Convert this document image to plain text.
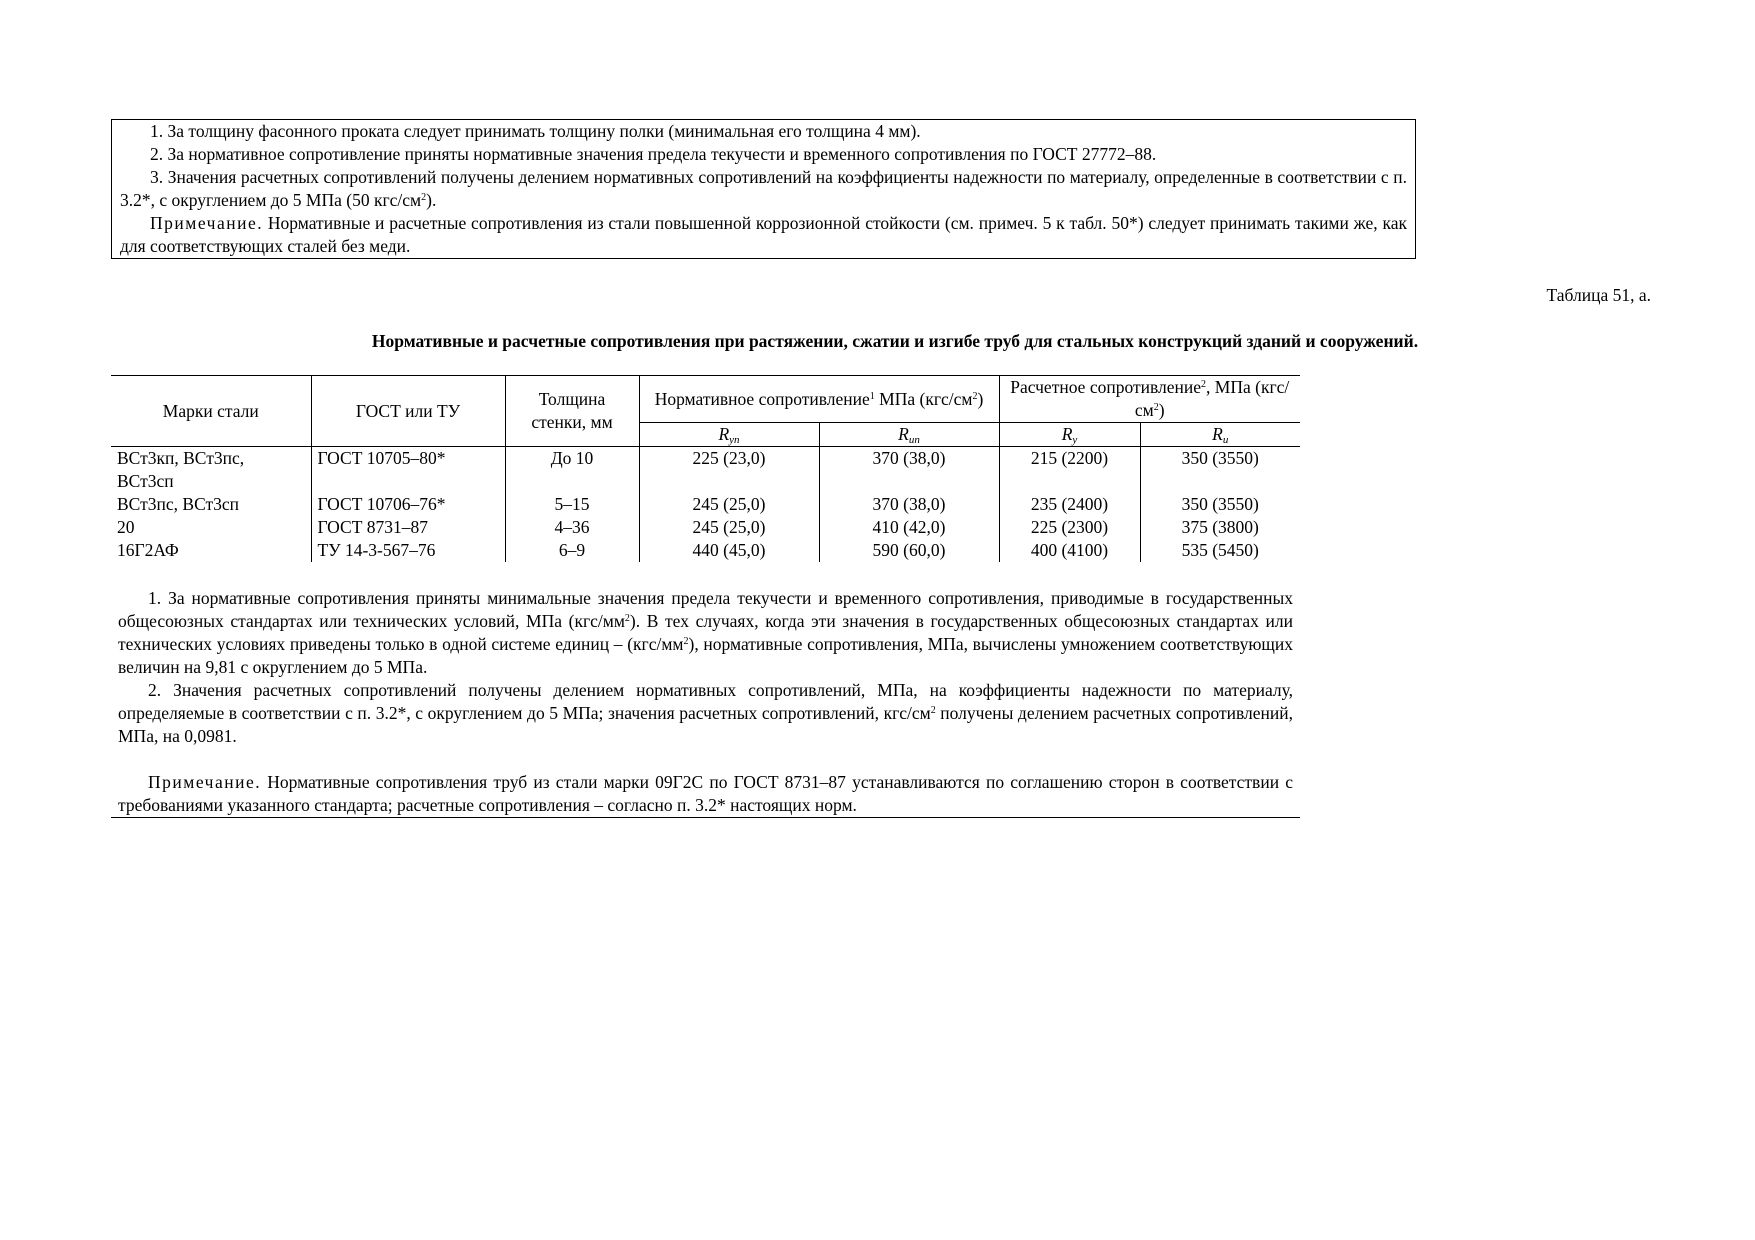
1. За толщину фасонного проката следует принимать толщину полки (минимальная его толщина 4 мм).

2. За нормативное сопротивление приняты нормативные значения предела текучести и временного сопротивления по ГОСТ 27772–88.

3. Значения расчетных сопротивлений получены делением нормативных сопротивлений на коэффициенты надежности по материалу, определенные в соответствии с п. 3.2*, с округлением до 5 МПа (50 кгс/$см^2$).

Примечание. Нормативные и расчетные сопротивления из стали повышенной коррозионной стойкости (см. примеч. 5 к табл. 50*) следует принимать такими же, как для соответствующих сталей без меди.

Таблица 51, а.
Нормативные и расчетные сопротивления при растяжении, сжатии и изгибе труб для стальных конструкций зданий и сооружений.
Марки стали	ГОСТ или ТУ	Толщина стенки, мм	Нормативное сопротивление$^1$ МПа $(кгс/см^2)$		Расчетное сопротивление$^2$, МПа $(кгс/см^2)$	
			$R_{yn}$	$R_{un}$	$R_y$	$R_u$
ВСт3кп, ВСт3пс, ВСт3сп	ГОСТ 10705–80*	До 10	225 (23,0)	370 (38,0)	215 (2200)	350 (3550)
ВСт3пс, ВСт3сп	ГОСТ 10706–76*	5–15	245 (25,0)	370 (38,0)	235 (2400)	350 (3550)
20	ГОСТ 8731–87	4–36	245 (25,0)	410 (42,0)	225 (2300)	375 (3800)
16Г2АФ	ТУ 14-3-567–76	6–9	440 (45,0)	590 (60,0)	400 (4100)	535 (5450)

1. За нормативные сопротивления приняты минимальные значения предела текучести и временного сопротивления, приводимые в государственных общесоюзных стандартах или технических условий, МПа $(кгс/мм^2)$. В тех случаях, когда эти значения в государственных общесоюзных стандартах или технических условиях приведены только в одной системе единиц – $(кгс/мм^2)$, нормативные сопротивления, МПа, вычислены умножением соответствующих величин на 9,81 с округлением до 5 МПа.

2. Значения расчетных сопротивлений получены делением нормативных сопротивлений, МПа, на коэффициенты надежности по материалу, определяемые в соответствии с п. 3.2*, с округлением до 5 МПа; значения расчетных сопротивлений, кгс/$см^2$ получены делением расчетных сопротивлений, МПа, на 0,0981.

Примечание. Нормативные сопротивления труб из стали марки 09Г2С по ГОСТ 8731–87 устанавливаются по соглашению сторон в соответствии с требованиями указанного стандарта; расчетные сопротивления – согласно п. 3.2* настоящих норм.
